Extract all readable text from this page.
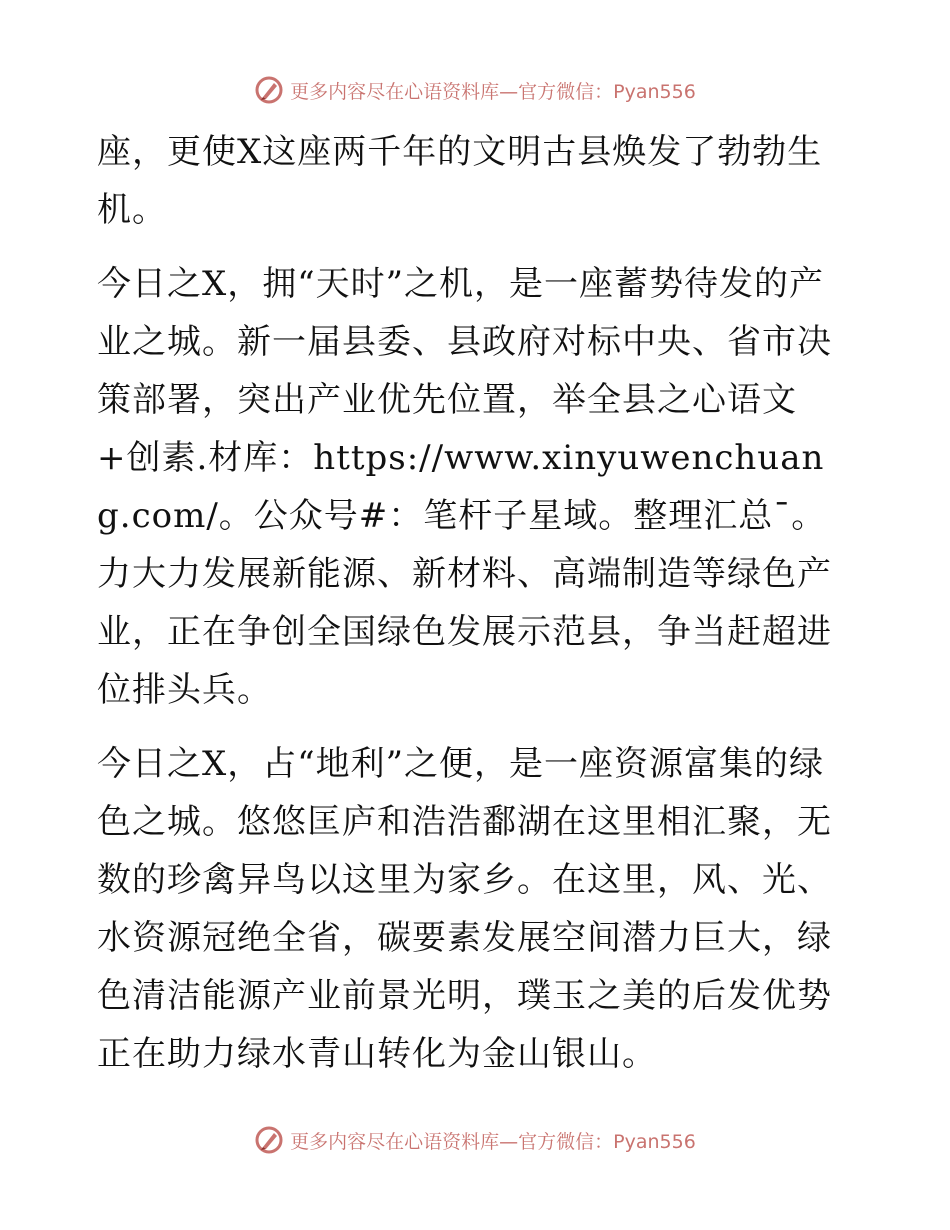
更多内容尽在心语资料库—官方微信：Pyan556

座，更使X这座两千年的文明古县焕发了勃勃生机。

今日之X，拥“天时”之机，是一座蓄势待发的产业之城。新一届县委、县政府对标中央、省市决策部署，突出产业优先位置，举全县之心语文+创素.材库：https://www.xinyuwenchuang.com/。公众号#：笔杆子星域。整理汇总¯。力大力发展新能源、新材料、高端制造等绿色产业，正在争创全国绿色发展示范县，争当赶超进位排头兵。

今日之X，占“地利”之便，是一座资源富集的绿色之城。悠悠匡庐和浩浩鄱湖在这里相汇聚，无数的珍禽异鸟以这里为家乡。在这里，风、光、水资源冠绝全省，碳要素发展空间潜力巨大，绿色清洁能源产业前景光明，璞玉之美的后发优势正在助力绿水青山转化为金山银山。

更多内容尽在心语资料库—官方微信：Pyan556
